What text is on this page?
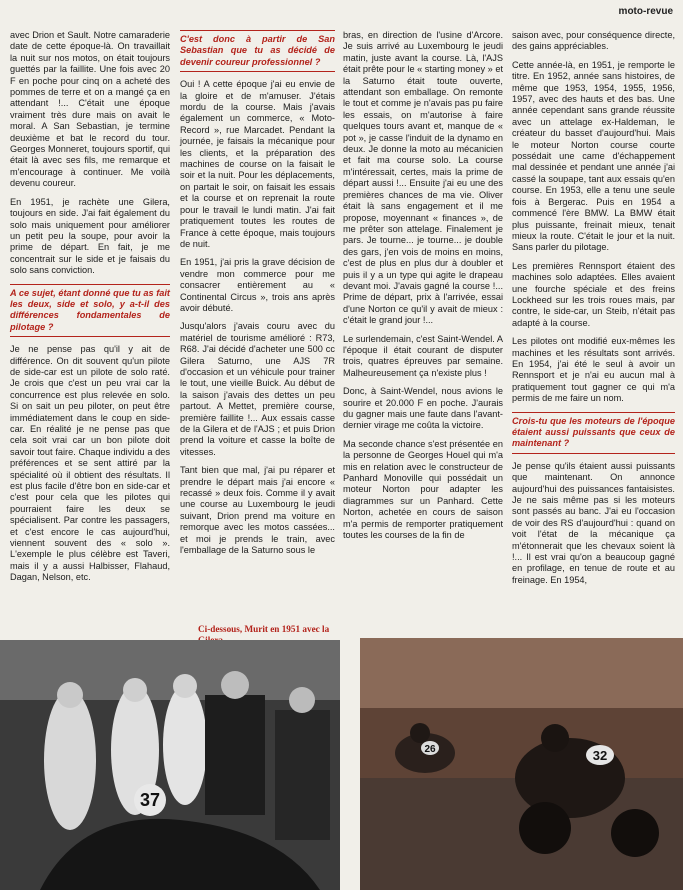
moto-revue

avec Drion et Sault. Notre camaraderie date de cette époque-là. On travaillait la nuit sur nos motos, on était toujours guettés par la faillite. Une fois avec 20 F en poche pour cinq on a acheté des pommes de terre et on a mangé ça en attendant !... C'était une époque vraiment très dure mais on avait le moral. A San Sebastian, je termine deuxième et bat le record du tour. Georges Monneret, toujours sportif, qui était là avec ses fils, me remarque et m'encourage à continuer. Me voilà devenu coureur.

En 1951, je rachète une Gilera, toujours en side. J'ai fait également du solo mais uniquement pour améliorer un petit peu la soupe, pour avoir la prime de départ. En fait, je me concentrait sur le side et je faisais du solo sans conviction.

A ce sujet, étant donné que tu as fait les deux, side et solo, y a-t-il des différences fondamentales de pilotage ?

Je ne pense pas qu'il y ait de différence. On dit souvent qu'un pilote de side-car est un pilote de solo raté. Je crois que c'est un peu vrai car la concurrence est plus relevée en solo. Si on sait un peu piloter, on peut être immédiatement dans le coup en side-car. En réalité je ne pense pas que cela soit vrai car un bon pilote doit savoir tout faire. Chaque individu a des préférences et se sent attiré par la spécialité où il obtient des résultats. Il est plus facile d'être bon en side-car et c'est pour cela que les pilotes qui pourraient faire les deux se spécialisent. Par contre les passagers, et c'est encore le cas aujourd'hui, viennent souvent des « solo ». L'exemple le plus célèbre est Taveri, mais il y a aussi Halbisser, Flahaud, Dagan, Nelson, etc.

C'est donc à partir de San Sebastian que tu as décidé de devenir coureur professionnel ?

Oui ! A cette époque j'ai eu envie de la gloire et de m'amuser. J'étais mordu de la course. Mais j'avais également un commerce, « Moto-Record », rue Marcadet. Pendant la journée, je faisais la mécanique pour les clients, et la préparation des machines de course on la faisait le soir et la nuit. Pour les déplacements, on partait le soir, on faisait les essais et la course et on reprenait la route pour le travail le lundi matin. J'ai fait pratiquement toutes les routes de France à cette époque, mais toujours de nuit.

En 1951, j'ai pris la grave décision de vendre mon commerce pour me consacrer entièrement au « Continental Circus », trois ans après avoir débuté.

Jusqu'alors j'avais couru avec du matériel de tourisme amélioré : R73, R68. J'ai décidé d'acheter une 500 cc Gilera Saturno, une AJS 7R d'occasion et un véhicule pour trainer le tout, une vieille Buick. Au début de la saison j'avais des dettes un peu partout. A Mettet, première course, première faillite !... Aux essais casse de la Gilera et de l'AJS ; et puis Drion prend la voiture et casse la boîte de vitesses.

Tant bien que mal, j'ai pu réparer et prendre le départ mais j'ai encore « recassé » deux fois. Comme il y avait une course au Luxembourg le jeudi suivant, Drion prend ma voiture en remorque avec les motos cassées... et moi je prends le train, avec l'emballage de la Saturno sous le

bras, en direction de l'usine d'Arcore. Je suis arrivé au Luxembourg le jeudi matin, juste avant la course. Là, l'AJS était prête pour le « starting money » et la Saturno était toute ouverte, attendant son emballage. On remonte le tout et comme je n'avais pas pu faire les essais, on m'autorise à faire quelques tours avant et, manque de « pot », je casse l'induit de la dynamo en deux. Je donne la moto au mécanicien et fait ma course solo. La course m'intéressait, certes, mais la prime de départ aussi !... Ensuite j'ai eu une des premières chances de ma vie. Oliver était là sans engagement et il me propose, moyennant « finances », de me prêter son attelage. Finalement je pars. Je tourne... je tourne... je double des gars, j'en vois de moins en moins, c'est de plus en plus dur à doubler et puis il y a un type qui agite le drapeau devant moi. J'avais gagné la course !... Prime de départ, prix à l'arrivée, essai d'une Norton ce qu'il y avait de mieux : c'était le grand jour !...

Le surlendemain, c'est Saint-Wendel. A l'époque il était courant de disputer trois, quatres épreuves par semaine. Malheureusement ça n'existe plus !

Donc, à Saint-Wendel, nous avions le sourire et 20.000 F en poche. J'aurais du gagner mais une faute dans l'avant-dernier virage me coûta la victoire.

Ma seconde chance s'est présentée en la personne de Georges Houel qui m'a mis en relation avec le constructeur de Panhard Monoville qui possédait un moteur Norton pour adapter les diagrammes sur un Panhard. Cette Norton, achetée en cours de saison m'a permis de remporter pratiquement toutes les courses de la fin de

saison avec, pour conséquence directe, des gains appréciables.

Cette année-là, en 1951, je remporte le titre. En 1952, année sans histoires, de même que 1953, 1954, 1955, 1956, 1957, avec des hauts et des bas. Une année cependant sans grande réussite avec un attelage ex-Haldeman, le créateur du basset d'aujourd'hui. Mais le moteur Norton course courte possédait une came d'échappement mal dessinée et pendant une année j'ai cassé la soupape, tant aux essais qu'en course. En 1953, elle a tenu une seule fois à Bergerac. Puis en 1954 a commencé l'ère BMW. La BMW était plus puissante, freinait mieux, tenait mieux la route. C'était le jour et la nuit. Sans parler du pilotage.

Les premières Rennsport étaient des machines solo adaptées. Elles avaient une fourche spéciale et des freins Lockheed sur les trois roues mais, par contre, le side-car, un Steib, n'était pas adapté à la course.

Les pilotes ont modifié eux-mêmes les machines et les résultats sont arrivés. En 1954, j'ai été le seul à avoir un Rennsport et je n'ai eu aucun mal à pratiquement tout gagner ce qui m'a permis de me faire un nom.

Crois-tu que les moteurs de l'époque étaient aussi puissants que ceux de maintenant ?

Je pense qu'ils étaient aussi puissants que maintenant. On annonce aujourd'hui des puissances fantaisistes. Je ne sais même pas si les moteurs sont passés au banc. J'ai eu l'occasion de voir des RS d'aujourd'hui : quand on voit l'état de la mécanique ça m'étonnerait que les chevaux soient là !... Il est vrai qu'on a beaucoup gagné en profilage, en tenue de route et au freinage. En 1954,

Ci-dessous, Murit en 1951 avec la
37
26	32
